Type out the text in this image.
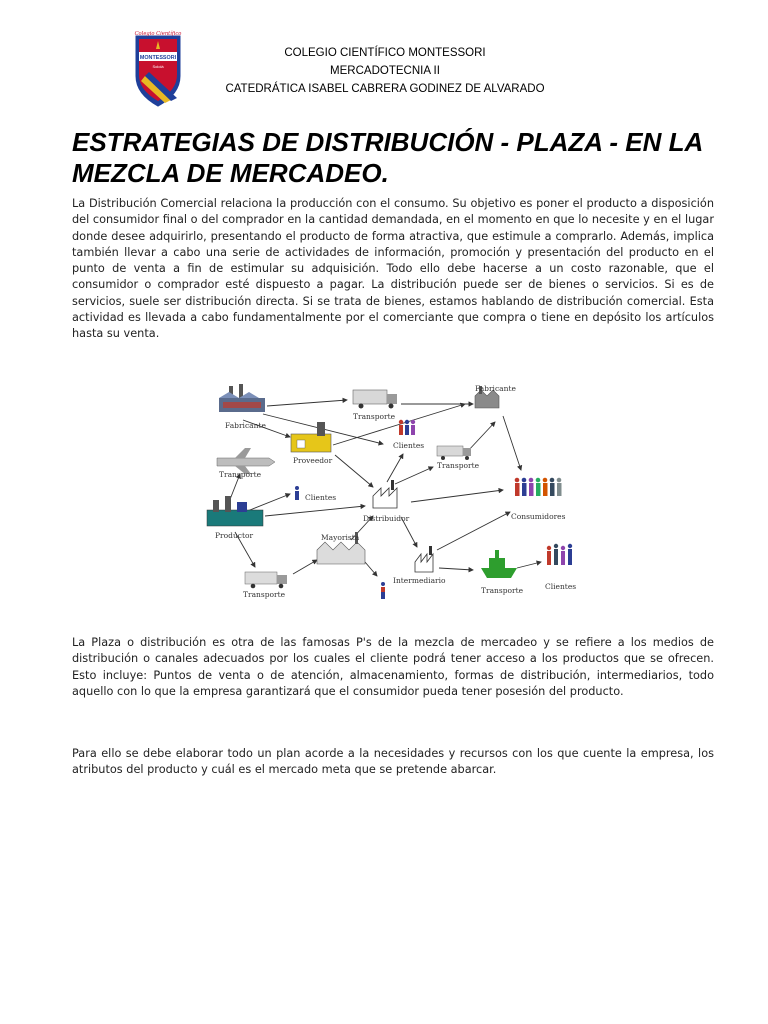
Colegio Científico
MONTESSORI
Sololá
COLEGIO CIENTÍFICO MONTESSORI
MERCADOTECNIA II
CATEDRÁTICA ISABEL CABRERA GODINEZ DE ALVARADO
ESTRATEGIAS DE DISTRIBUCIÓN - PLAZA - EN LA MEZCLA DE MERCADEO.

La Distribución Comercial relaciona la producción con el consumo. Su objetivo es poner el producto a disposición del consumidor final o del comprador en la cantidad demandada, en el momento en que lo necesite y en el lugar donde desee adquirirlo, presentando el producto de forma atractiva, que estimule a comprarlo. Además, implica también llevar a cabo una serie de actividades de información, promoción y presentación del producto en el punto de venta a fin de estimular su adquisición. Todo ello debe hacerse a un costo razonable, que el consumidor o comprador esté dispuesto a pagar. La distribución puede ser de bienes o servicios. Si es de servicios, suele ser distribución directa. Si se trata de bienes, estamos hablando de distribución comercial. Esta actividad es llevada a cabo fundamentalmente por el comerciante que compra o tiene en depósito los artículos hasta su venta.

Fabricante
Transporte
Fabricante
Proveedor
Clientes
Transporte
Transporte
Clientes
Distribuidor	Consumidores
Productor	Mayorista
Intermediario
Transporte	Transporte	Clientes

La Plaza o distribución es otra de las famosas P's de la mezcla de mercadeo y se refiere a los medios de distribución o canales adecuados por los cuales el cliente podrá tener acceso a los productos que se ofrecen. Esto incluye: Puntos de venta o de atención, almacenamiento, formas de distribución, intermediarios, todo aquello con lo que la empresa garantizará que el consumidor pueda tener posesión del producto.

Para ello se debe elaborar todo un plan acorde a la necesidades y recursos con los que cuente la empresa, los atributos del producto y cuál es el mercado meta que se pretende abarcar.
